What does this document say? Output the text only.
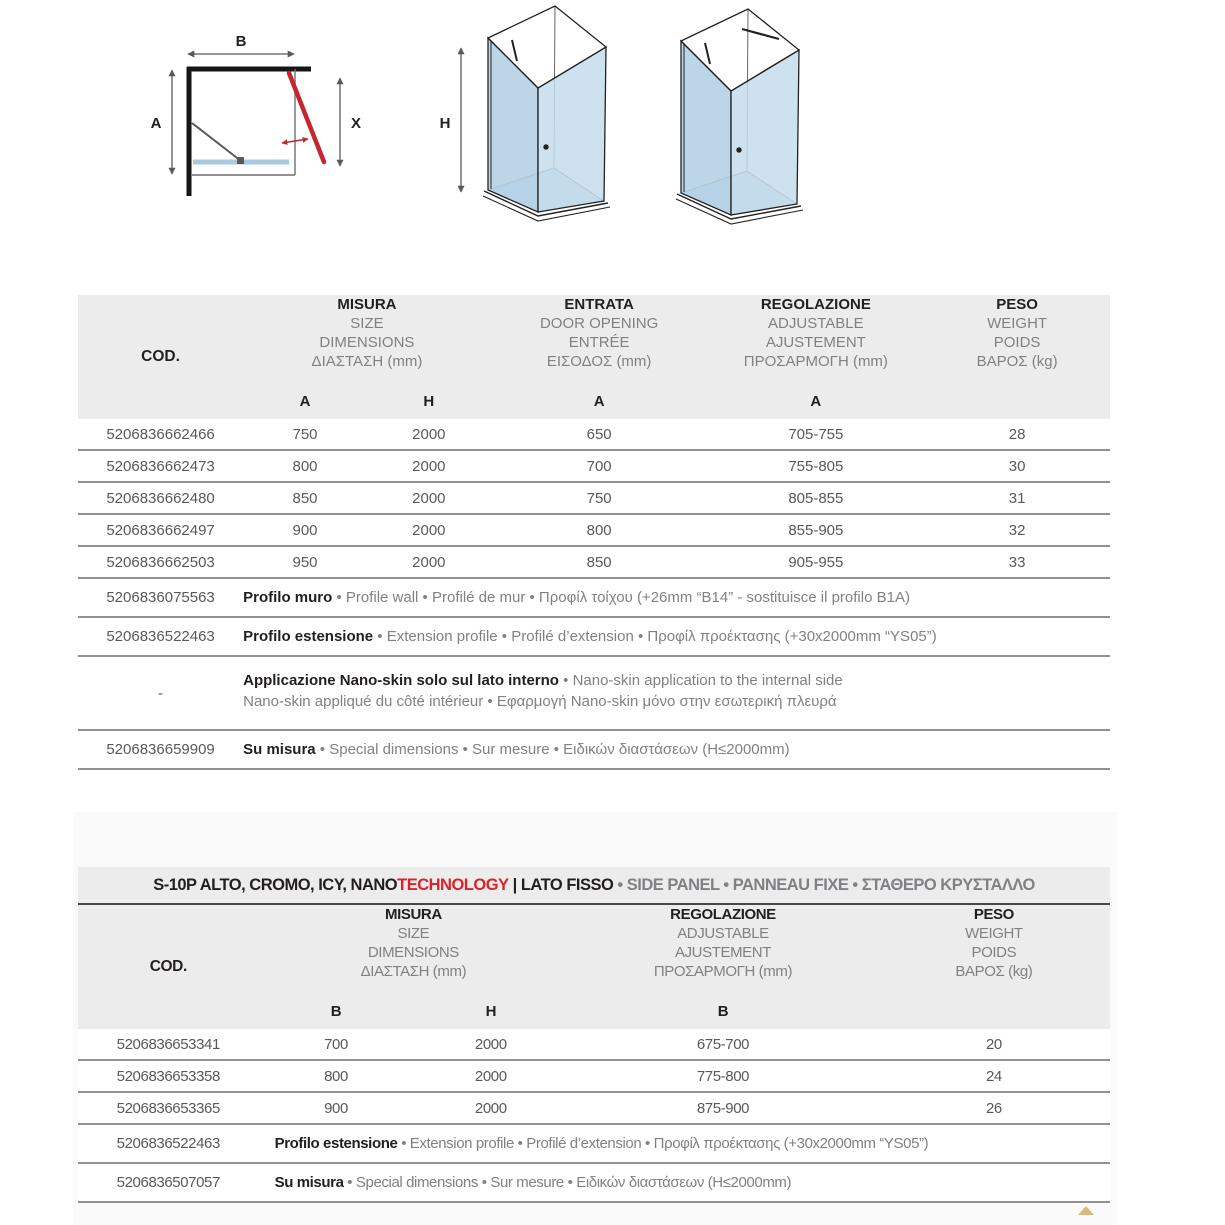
B
A	X	H
COD.	
MISURA
SIZE
DIMENSIONS
ΔΙΑΣΤΑΣΗ (mm)

ENTRATA
DOOR OPENING
ENTRÉE
ΕΙΣΟΔΟΣ (mm)

REGOLAZIONE
ADJUSTABLE
AJUSTEMENT
ΠΡΟΣΑΡΜΟΓΗ (mm)

PESO
WEIGHT
POIDS
ΒΑΡΟΣ (kg)

	A	H	A	A	
5206836662466	750	2000	650	705-755	28
5206836662473	800	2000	700	755-805	30
5206836662480	850	2000	750	805-855	31
5206836662497	900	2000	800	855-905	32
5206836662503	950	2000	850	905-955	33
5206836075563	Profilo muro • Profile wall • Profilé de mur • Προφίλ τοίχου (+26mm “B14” - sostituisce il profilo B1A)				
5206836522463	Profilo estensione • Extension profile • Profilé d’extension • Προφίλ προέκτασης (+30x2000mm “YS05”)				
-	Applicazione Nano-skin solo sul lato interno • Nano-skin application to the internal side
Nano-skin appliqué du côté intérieur • Εφαρμογή Nano-skin μόνο στην εσωτερική πλευρά				

5206836659909	Su misura • Special dimensions • Sur mesure • Ειδικών διαστάσεων (H≤2000mm)				
S-10P ALTO, CROMO, ICY, NANO TECHNOLOGY | LATO FISSO • SIDE PANEL • PANNEAU FIXE • ΣΤΑΘΕΡΟ ΚΡΥΣΤΑΛΛΟ
COD.	
MISURA
SIZE
DIMENSIONS
ΔΙΑΣΤΑΣΗ (mm)

REGOLAZIONE
ADJUSTABLE
AJUSTEMENT
ΠΡΟΣΑΡΜΟΓΗ (mm)

PESO
WEIGHT
POIDS
ΒΑΡΟΣ (kg)

	B	H	B	
5206836653341	700	2000	675-700	20
5206836653358	800	2000	775-800	24
5206836653365	900	2000	875-900	26
5206836522463	Profilo estensione • Extension profile • Profilé d’extension • Προφίλ προέκτασης (+30x2000mm “YS05”)			
5206836507057	Su misura • Special dimensions • Sur mesure • Ειδικών διαστάσεων (H≤2000mm)			
